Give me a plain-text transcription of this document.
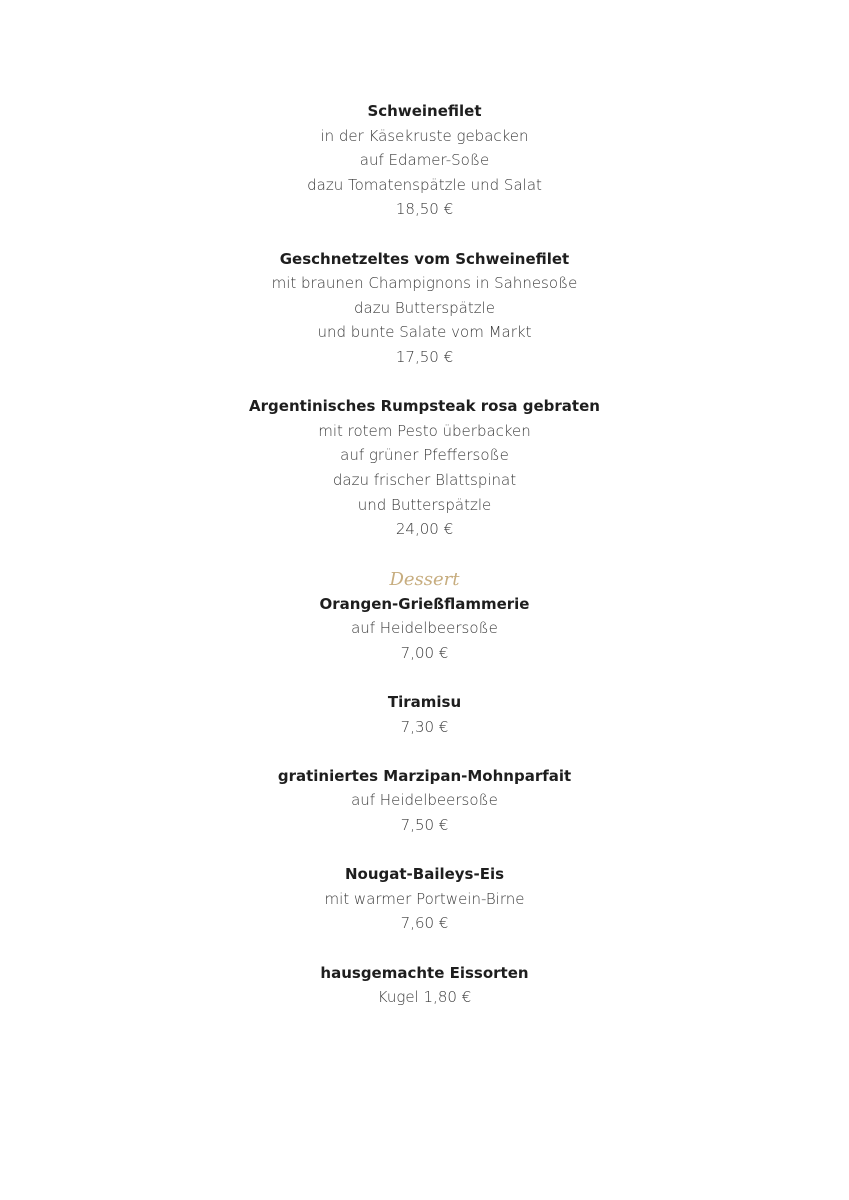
Schweinefilet
in der Käsekruste gebacken
auf Edamer-Soße
dazu Tomatenspätzle und Salat
18,50 €
Geschnetzeltes vom Schweinefilet
mit braunen Champignons in Sahnesoße
dazu Butterspätzle
und bunte Salate vom Markt
17,50 €
Argentinisches Rumpsteak rosa gebraten
mit rotem Pesto überbacken
auf grüner Pfeffersoße
dazu frischer Blattspinat
und Butterspätzle
24,00 €
Dessert
Orangen-Grießflammerie
auf Heidelbeersoße
7,00 €
Tiramisu
7,30 €
gratiniertes Marzipan-Mohnparfait
auf Heidelbeersoße
7,50 €
Nougat-Baileys-Eis
mit warmer Portwein-Birne
7,60 €
hausgemachte Eissorten
Kugel 1,80 €
